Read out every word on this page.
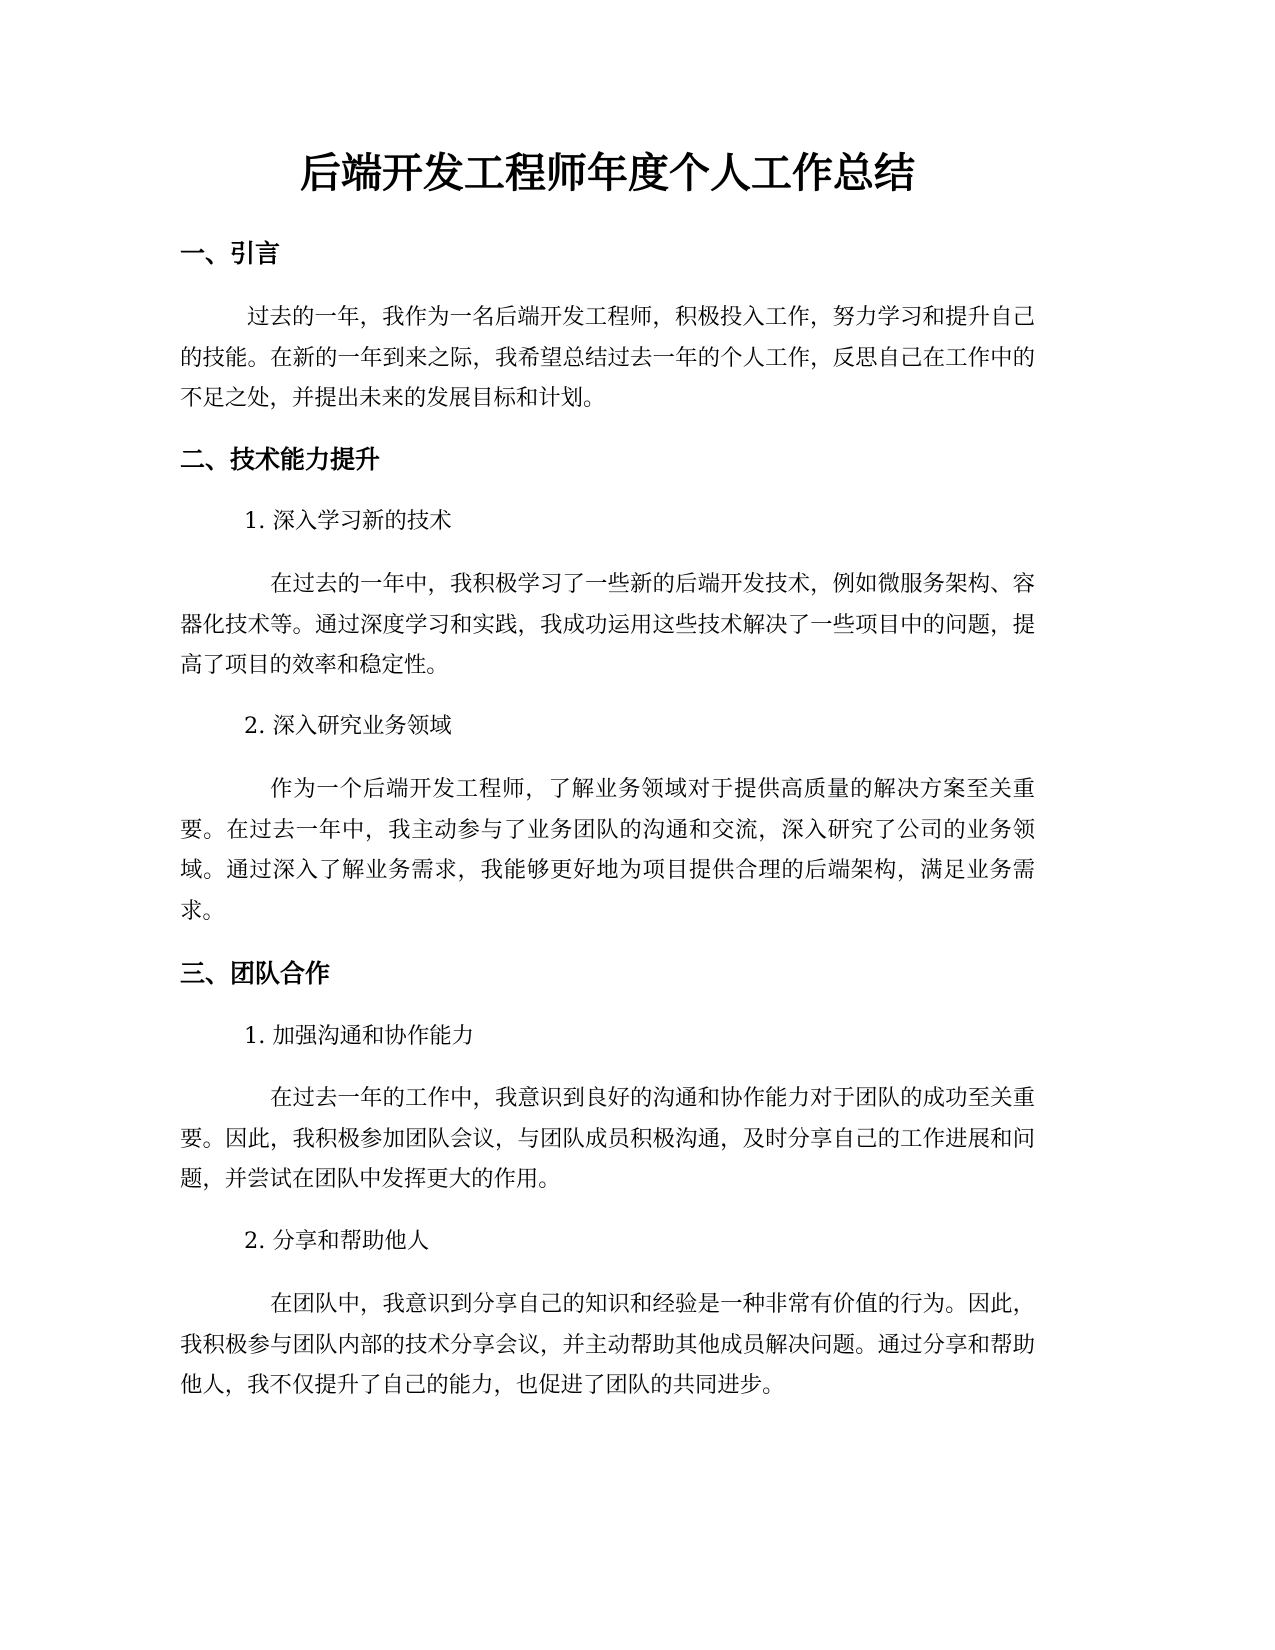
后端开发工程师年度个人工作总结
一、引言

过去的一年，我作为一名后端开发工程师，积极投入工作，努力学习和提升自己的技能。在新的一年到来之际，我希望总结过去一年的个人工作，反思自己在工作中的不足之处，并提出未来的发展目标和计划。

二、技术能力提升

1. 深入学习新的技术

在过去的一年中，我积极学习了一些新的后端开发技术，例如微服务架构、容器化技术等。通过深度学习和实践，我成功运用这些技术解决了一些项目中的问题，提高了项目的效率和稳定性。

2. 深入研究业务领域

作为一个后端开发工程师，了解业务领域对于提供高质量的解决方案至关重要。在过去一年中，我主动参与了业务团队的沟通和交流，深入研究了公司的业务领域。通过深入了解业务需求，我能够更好地为项目提供合理的后端架构，满足业务需求。

三、团队合作

1. 加强沟通和协作能力

在过去一年的工作中，我意识到良好的沟通和协作能力对于团队的成功至关重要。因此，我积极参加团队会议，与团队成员积极沟通，及时分享自己的工作进展和问题，并尝试在团队中发挥更大的作用。

2. 分享和帮助他人

在团队中，我意识到分享自己的知识和经验是一种非常有价值的行为。因此，我积极参与团队内部的技术分享会议，并主动帮助其他成员解决问题。通过分享和帮助他人，我不仅提升了自己的能力，也促进了团队的共同进步。
